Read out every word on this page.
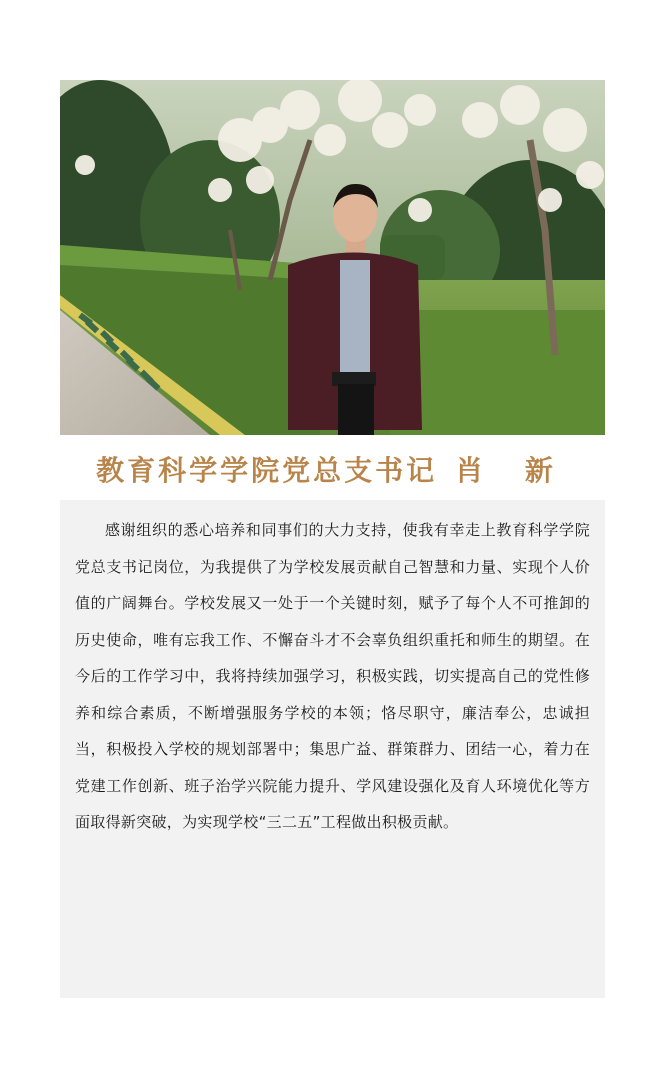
教育科学学院党总支书记 肖 新

感谢组织的悉心培养和同事们的大力支持，使我有幸走上教育科学学院党总支书记岗位，为我提供了为学校发展贡献自己智慧和力量、实现个人价值的广阔舞台。学校发展又一处于一个关键时刻，赋予了每个人不可推卸的历史使命，唯有忘我工作、不懈奋斗才不会辜负组织重托和师生的期望。在今后的工作学习中，我将持续加强学习，积极实践，切实提高自己的党性修养和综合素质，不断增强服务学校的本领；恪尽职守，廉洁奉公，忠诚担当，积极投入学校的规划部署中；集思广益、群策群力、团结一心，着力在党建工作创新、班子治学兴院能力提升、学风建设强化及育人环境优化等方面取得新突破，为实现学校“三二五”工程做出积极贡献。
